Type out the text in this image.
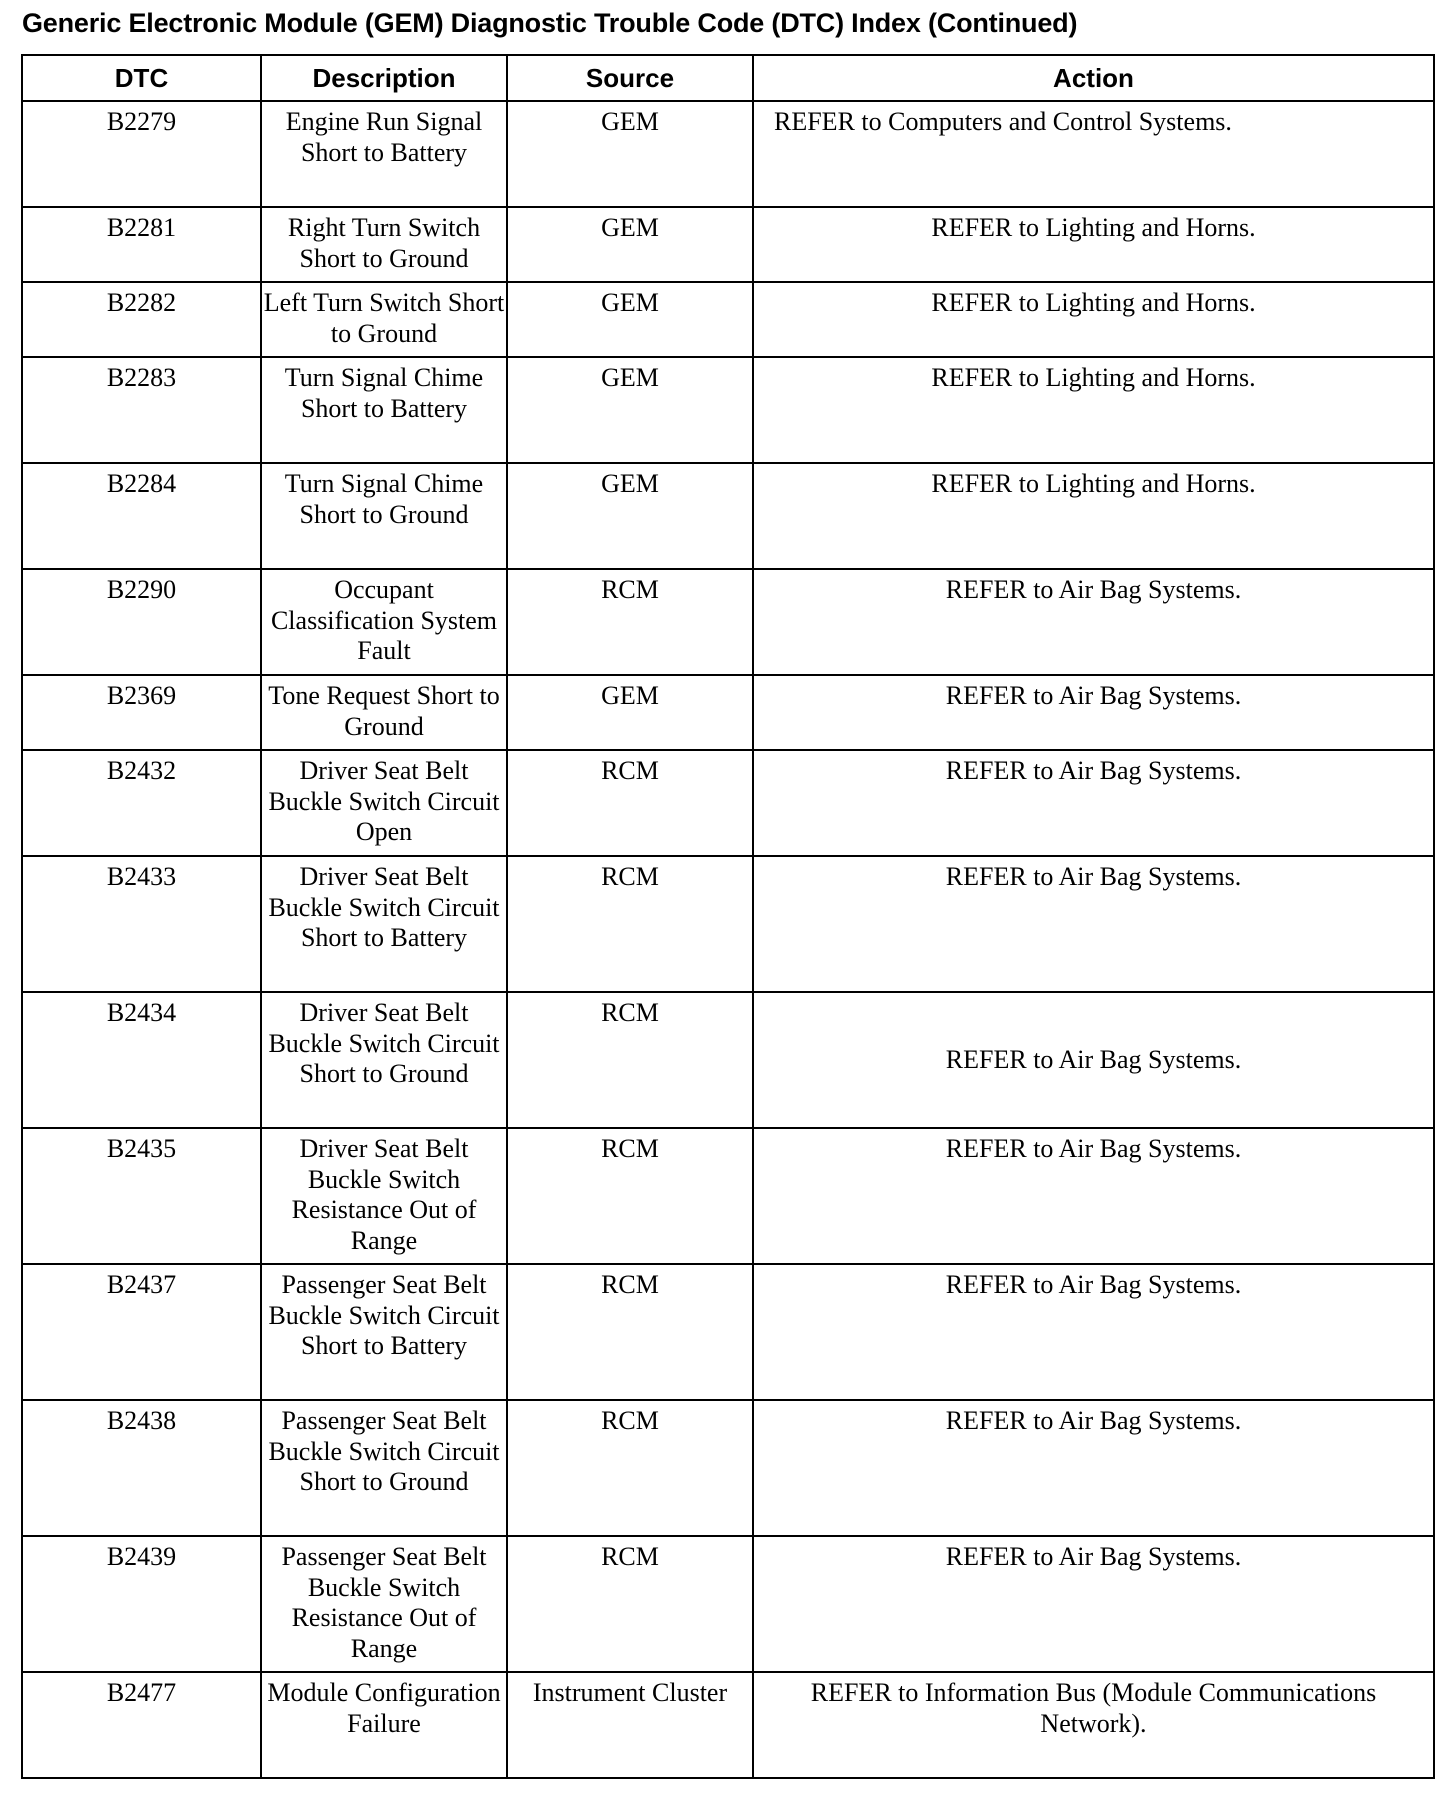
Generic Electronic Module (GEM) Diagnostic Trouble Code (DTC) Index (Continued)
DTC	Description	Source	Action
B2279	Engine Run Signal Short to Battery	GEM	REFER to Computers and Control Systems.
B2281	Right Turn Switch Short to Ground	GEM	REFER to Lighting and Horns.
B2282	Left Turn Switch Short to Ground	GEM	REFER to Lighting and Horns.
B2283	Turn Signal Chime Short to Battery	GEM	REFER to Lighting and Horns.
B2284	Turn Signal Chime Short to Ground	GEM	REFER to Lighting and Horns.
B2290	Occupant Classification System Fault	RCM	REFER to Air Bag Systems.
B2369	Tone Request Short to Ground	GEM	REFER to Air Bag Systems.
B2432	Driver Seat Belt Buckle Switch Circuit Open	RCM	REFER to Air Bag Systems.
B2433	Driver Seat Belt Buckle Switch Circuit Short to Battery	RCM	REFER to Air Bag Systems.
B2434	Driver Seat Belt Buckle Switch Circuit Short to Ground	RCM	REFER to Air Bag Systems.
B2435	Driver Seat Belt Buckle Switch Resistance Out of Range	RCM	REFER to Air Bag Systems.
B2437	Passenger Seat Belt Buckle Switch Circuit Short to Battery	RCM	REFER to Air Bag Systems.
B2438	Passenger Seat Belt Buckle Switch Circuit Short to Ground	RCM	REFER to Air Bag Systems.
B2439	Passenger Seat Belt Buckle Switch Resistance Out of Range	RCM	REFER to Air Bag Systems.
B2477	Module Configuration Failure	Instrument Cluster	REFER to Information Bus (Module Communications Network).
